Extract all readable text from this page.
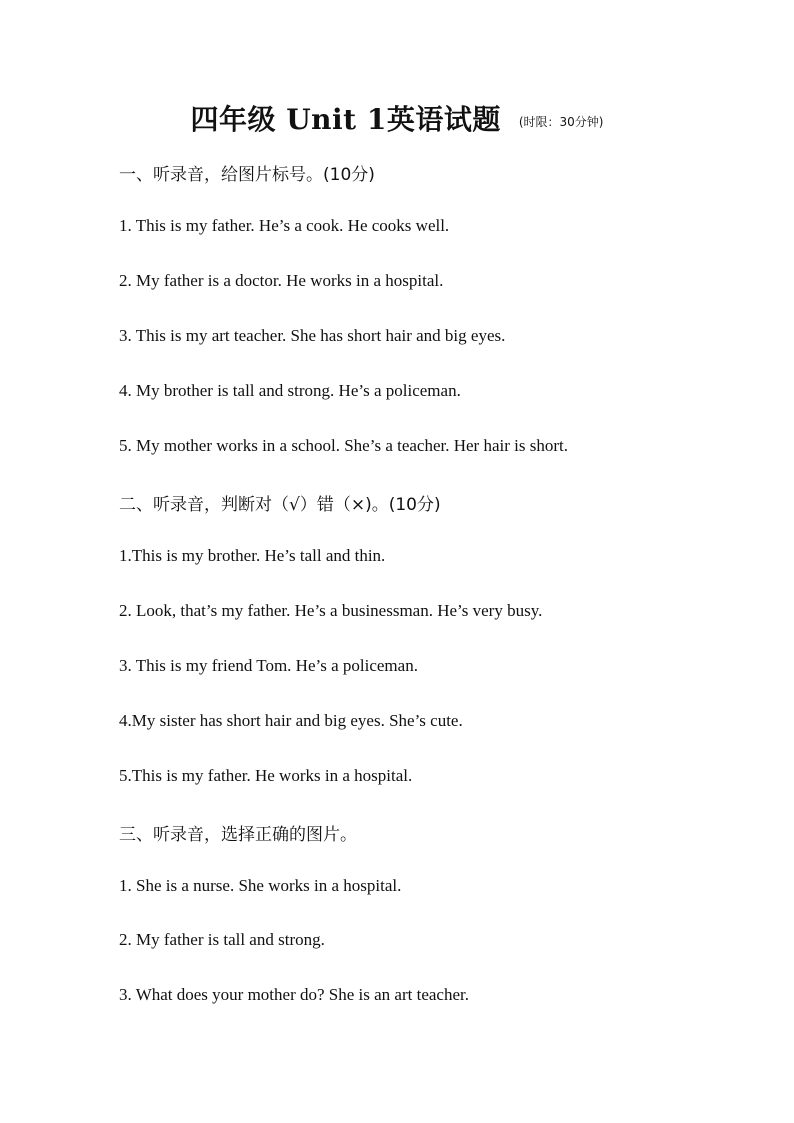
四年级 Unit 1英语试题 (时限：30分钟)
一、听录音，给图片标号。(10分)
1. This is my father. He’s a cook. He cooks well.
2. My father is a doctor. He works in a hospital.
3. This is my art teacher. She has short hair and big eyes.
4. My brother is tall and strong. He’s a policeman.
5. My mother works in a school. She’s a teacher. Her hair is short.
二、听录音，判断对（√）错（×)。(10分)
1.This is my brother. He’s tall and thin.
2. Look, that’s my father. He’s a businessman. He’s very busy.
3. This is my friend Tom. He’s a policeman.
4.My sister has short hair and big eyes. She’s cute.
5.This is my father. He works in a hospital.
三、听录音，选择正确的图片。
1. She is a nurse. She works in a hospital.
2. My father is tall and strong.
3. What does your mother do? She is an art teacher.
